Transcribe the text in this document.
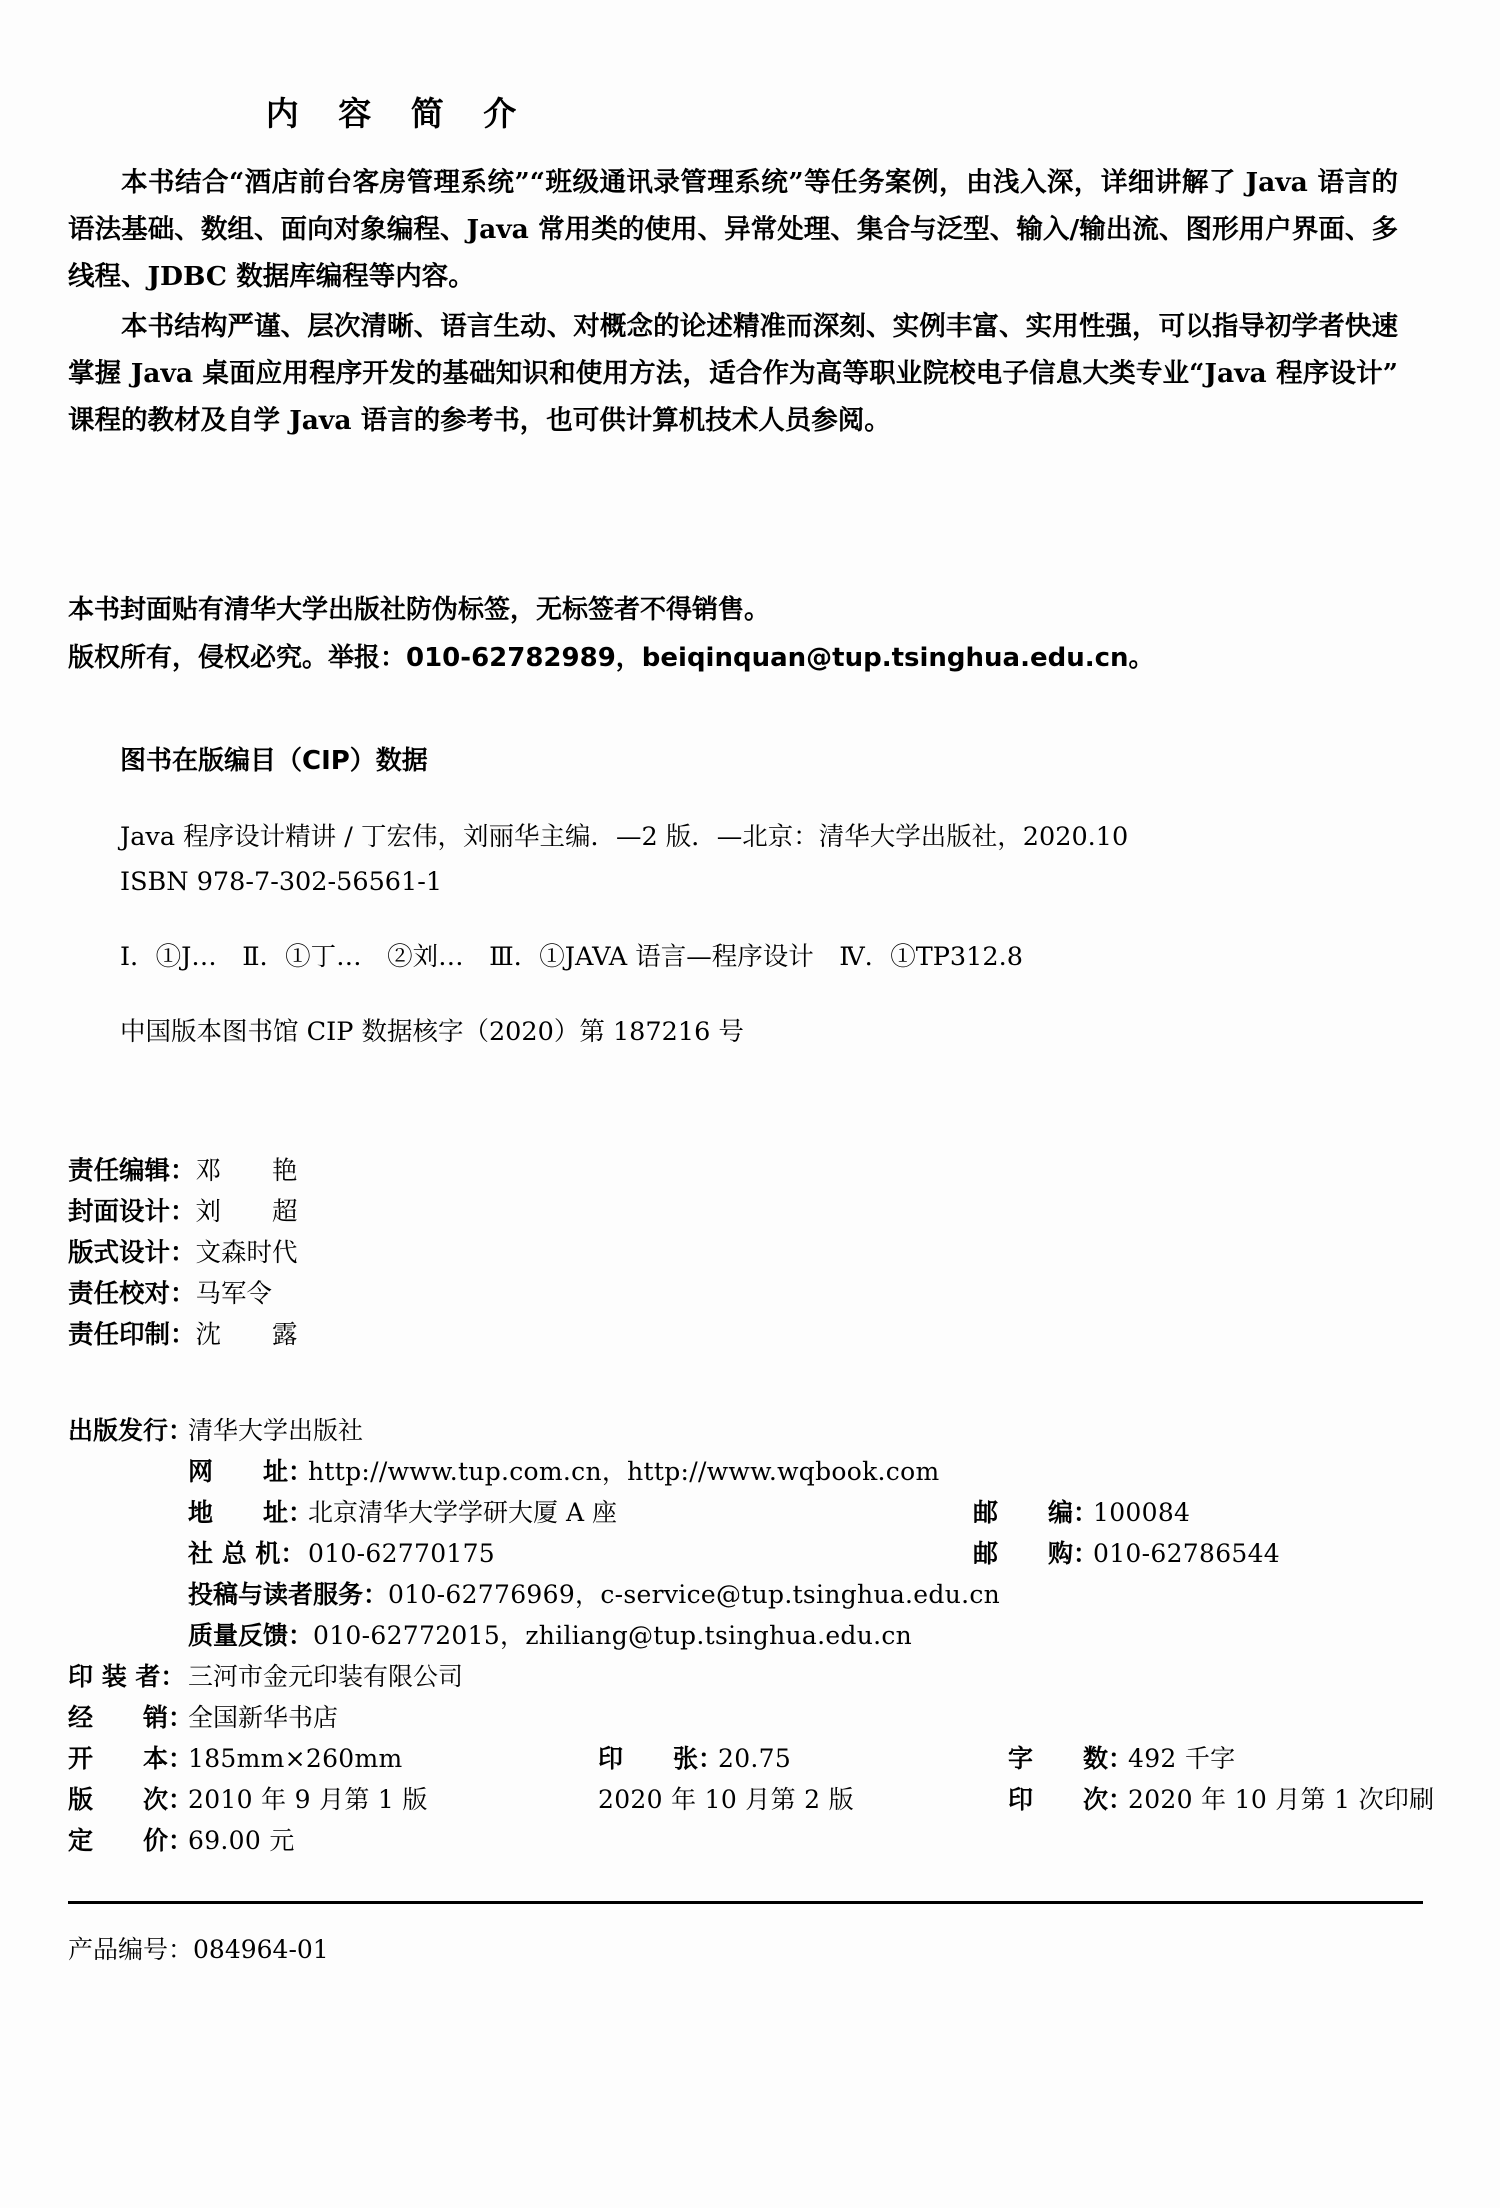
内 容 简 介

本书结合“酒店前台客房管理系统”“班级通讯录管理系统”等任务案例，由浅入深，详细讲解了 Java 语言的语法基础、数组、面向对象编程、Java 常用类的使用、异常处理、集合与泛型、输入/输出流、图形用户界面、多线程、JDBC 数据库编程等内容。

本书结构严谨、层次清晰、语言生动、对概念的论述精准而深刻、实例丰富、实用性强，可以指导初学者快速掌握 Java 桌面应用程序开发的基础知识和使用方法，适合作为高等职业院校电子信息大类专业“Java 程序设计”课程的教材及自学 Java 语言的参考书，也可供计算机技术人员参阅。

本书封面贴有清华大学出版社防伪标签，无标签者不得销售。
版权所有，侵权必究。举报：010-62782989，beiqinquan@tup.tsinghua.edu.cn。
图书在版编目（CIP）数据
Java 程序设计精讲 / 丁宏伟，刘丽华主编．—2 版．—北京：清华大学出版社，2020.10
ISBN 978-7-302-56561-1
Ⅰ．①J…　Ⅱ．①丁…　②刘…　Ⅲ．①JAVA 语言—程序设计　Ⅳ．①TP312.8
中国版本图书馆 CIP 数据核字（2020）第 187216 号
责任编辑：邓　　艳
封面设计：刘　　超
版式设计：文森时代
责任校对：马军令
责任印制：沈　　露
出版发行：清华大学出版社
网　　址：http://www.tup.com.cn，http://www.wqbook.com
地　　址：北京清华大学学研大厦 A 座	邮　　编：100084
社 总 机： 010-62770175	邮　　购：010-62786544
投稿与读者服务：010-62776969，c-service@tup.tsinghua.edu.cn
质量反馈：010-62772015，zhiliang@tup.tsinghua.edu.cn
印 装 者： 三河市金元印装有限公司
经　　销：全国新华书店
开　　本：185mm×260mm	印　　张：20.75	字　　数：492 千字
版　　次：2010 年 9 月第 1 版	2020 年 10 月第 2 版	印　　次：2020 年 10 月第 1 次印刷
定　　价：69.00 元
产品编号：084964-01
